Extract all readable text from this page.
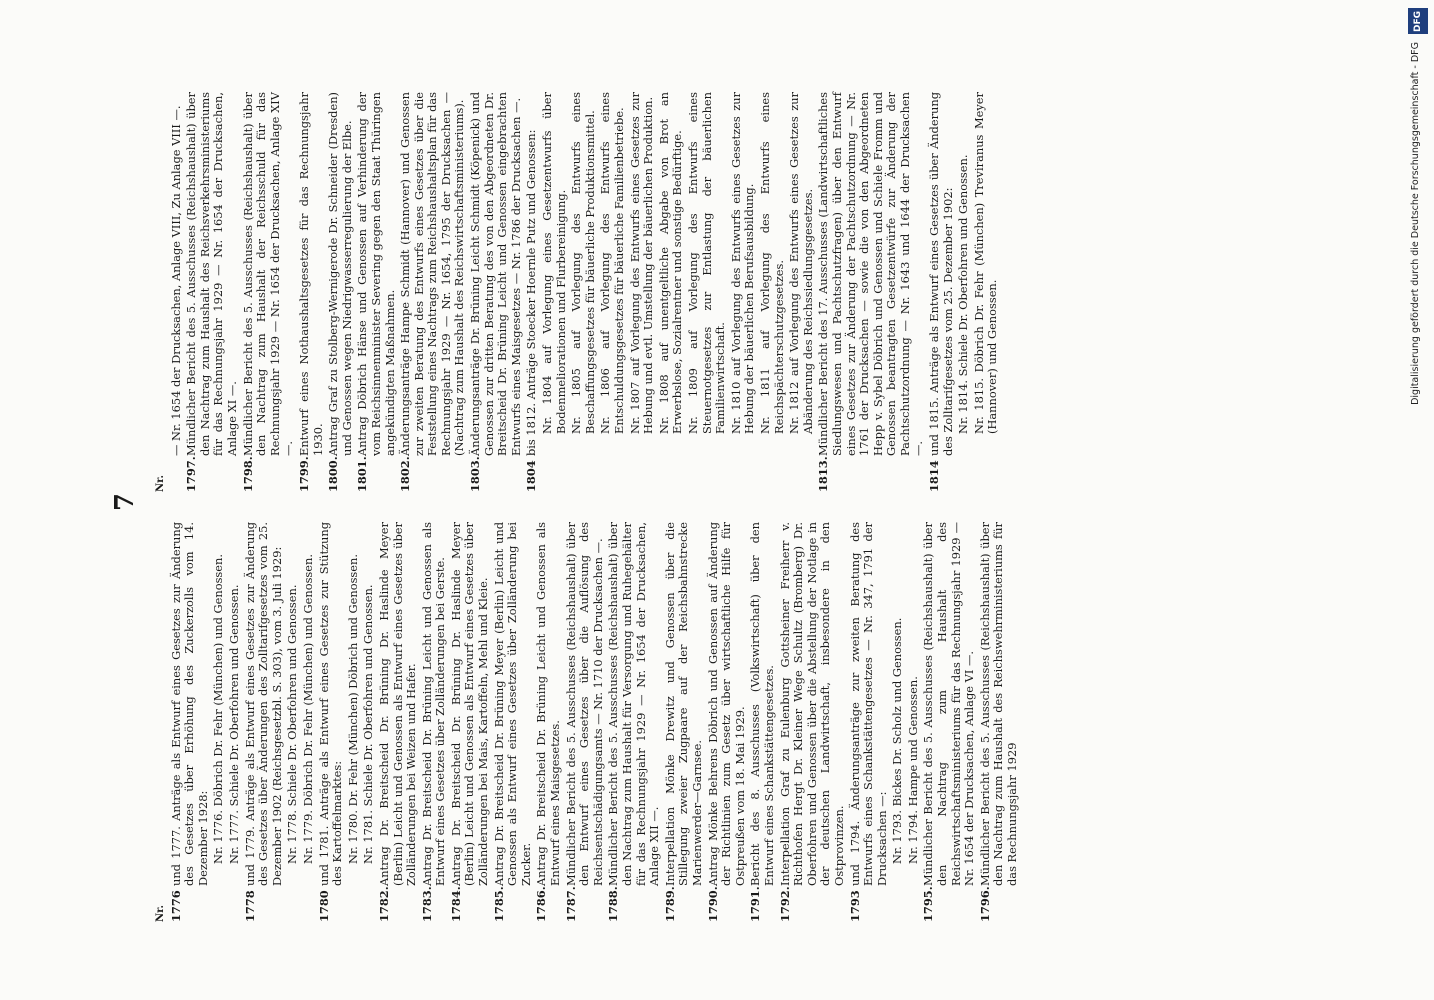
7
Nr. 1776
und 1777. Anträge als Entwurf eines Gesetzes zur Änderung des Gesetzes über Erhöhung des Zuckerzolls vom 14. Dezember 1928: Nr. 1776. Döbrich Dr. Fehr (München) und Genossen. Nr. 1777. Schiele Dr. Oberfohren und Genossen.
1778
und 1779. Anträge als Entwurf eines Gesetzes zur Änderung des Gesetzes über Änderungen des Zolltarifgesetzes vom 25. Dezember 1902 (Reichsgesetzbl. S. 303), vom 3. Juli 1929: Nr. 1778. Schiele Dr. Oberfohren und Genossen. Nr. 1779. Döbrich Dr. Fehr (München) und Genossen.
1780
und 1781. Anträge als Entwurf eines Gesetzes zur Stützung des Kartoffelmarktes: Nr. 1780. Dr. Fehr (München) Döbrich und Genossen. Nr. 1781. Schiele Dr. Oberfohren und Genossen.
1782.
Antrag Dr. Breitscheid Dr. Brüning Dr. Haslinde Meyer (Berlin) Leicht und Genossen als Entwurf eines Gesetzes über Zolländerungen bei Weizen und Hafer.
1783.
Antrag Dr. Breitscheid Dr. Brüning Leicht und Genossen als Entwurf eines Gesetzes über Zolländerungen bei Gerste.
1784.
Antrag Dr. Breitscheid Dr. Brüning Dr. Haslinde Meyer (Berlin) Leicht und Genossen als Entwurf eines Gesetzes über Zolländerungen bei Mais, Kartoffeln, Mehl und Kleie.
1785.
Antrag Dr. Breitscheid Dr. Brüning Meyer (Berlin) Leicht und Genossen als Entwurf eines Gesetzes über Zolländerung bei Zucker.
1786.
Antrag Dr. Breitscheid Dr. Brüning Leicht und Genossen als Entwurf eines Maisgesetzes.
1787.
Mündlicher Bericht des 5. Ausschusses (Reichshaushalt) über den Entwurf eines Gesetzes über die Auflösung des Reichsentschädigungsamts — Nr. 1710 der Drucksachen —.
1788.
Mündlicher Bericht des 5. Ausschusses (Reichshaushalt) über den Nachtrag zum Haushalt für Versorgung und Ruhegehälter für das Rechnungsjahr 1929 — Nr. 1654 der Drucksachen, Anlage XII —.
1789.
Interpellation Mönke Drewitz und Genossen über die Stillegung zweier Zugpaare auf der Reichsbahnstrecke Marienwerder—Garnsee.
1790.
Antrag Mönke Behrens Döbrich und Genossen auf Änderung der Richtlinien zum Gesetz über wirtschaftliche Hilfe für Ostpreußen vom 18. Mai 1929.
1791.
Bericht des 8. Ausschusses (Volkswirtschaft) über den Entwurf eines Schankstättengesetzes.
1792.
Interpellation Graf zu Eulenburg Gottsheiner Freiherr v. Richthofen Hergt Dr. Kleiner Wege Schultz (Bromberg) Dr. Oberfohren und Genossen über die Abstellung der Notlage in der deutschen Landwirtschaft, insbesondere in den Ostprovinzen.
1793
und 1794. Änderungsanträge zur zweiten Beratung des Entwurfs eines Schankstättengesetzes — Nr. 347, 1791 der Drucksachen —: Nr. 1793. Bickes Dr. Scholz und Genossen. Nr. 1794. Hampe und Genossen.
1795.
Mündlicher Bericht des 5. Ausschusses (Reichshaushalt) über den Nachtrag zum Haushalt des Reichswirtschaftsministeriums für das Rechnungsjahr 1929 — Nr. 1654 der Drucksachen, Anlage VI —.
1796.
Mündlicher Bericht des 5. Ausschusses (Reichshaushalt) über den Nachtrag zum Haushalt des Reichswehrministeriums für das Rechnungsjahr 1929
Nr.
— Nr. 1654 der Drucksachen, Anlage VIII, Zu Anlage VIII —.
1797.
Mündlicher Bericht des 5. Ausschusses (Reichshaushalt) über den Nachtrag zum Haushalt des Reichsverkehrsministeriums für das Rechnungsjahr 1929 — Nr. 1654 der Drucksachen, Anlage XI —.
1798.
Mündlicher Bericht des 5. Ausschusses (Reichshaushalt) über den Nachtrag zum Haushalt der Reichsschuld für das Rechnungsjahr 1929 — Nr. 1654 der Drucksachen, Anlage XIV —.
1799.
Entwurf eines Nothaushaltsgesetzes für das Rechnungsjahr 1930.
1800.
Antrag Graf zu Stolberg-Wernigerode Dr. Schneider (Dresden) und Genossen wegen Niedrigwasserregulierung der Elbe.
1801.
Antrag Döbrich Hänse und Genossen auf Verhinderung der vom Reichsinnenminister Severing gegen den Staat Thüringen angekündigten Maßnahmen.
1802.
Änderungsanträge Hampe Schmidt (Hannover) und Genossen zur zweiten Beratung des Entwurfs eines Gesetzes über die Feststellung eines Nachtrags zum Reichshaushaltsplan für das Rechnungsjahr 1929 — Nr. 1654, 1795 der Drucksachen — (Nachtrag zum Haushalt des Reichswirtschaftsministeriums).
1803.
Änderungsanträge Dr. Brüning Leicht Schmidt (Köpenick) und Genossen zur dritten Beratung des von den Abgeordneten Dr. Breitscheid Dr. Brüning Leicht und Genossen eingebrachten Entwurfs eines Maisgesetzes — Nr. 1786 der Drucksachen —.
1804
bis 1812. Anträge Stoecker Hoernle Putz und Genossen: Nr. 1804 auf Vorlegung eines Gesetzentwurfs über Bodenmeliorationen und Flurbereinigung. Nr. 1805 auf Vorlegung des Entwurfs eines Beschaffungsgesetzes für bäuerliche Produktionsmittel. Nr. 1806 auf Vorlegung des Entwurfs eines Entschuldungsgesetzes für bäuerliche Familienbetriebe. Nr. 1807 auf Vorlegung des Entwurfs eines Gesetzes zur Hebung und evtl. Umstellung der bäuerlichen Produktion. Nr. 1808 auf unentgeltliche Abgabe von Brot an Erwerbslose, Sozialrentner und sonstige Bedürftige. Nr. 1809 auf Vorlegung des Entwurfs eines Steuernotgesetzes zur Entlastung der bäuerlichen Familienwirtschaft. Nr. 1810 auf Vorlegung des Entwurfs eines Gesetzes zur Hebung der bäuerlichen Berufsausbildung. Nr. 1811 auf Vorlegung des Entwurfs eines Reichspächterschutzgesetzes. Nr. 1812 auf Vorlegung des Entwurfs eines Gesetzes zur Abänderung des Reichssiedlungsgesetzes.
1813.
Mündlicher Bericht des 17. Ausschusses (Landwirtschaftliches Siedlungswesen und Pachtschutzfragen) über den Entwurf eines Gesetzes zur Änderung der Pachtschutzordnung — Nr. 1761 der Drucksachen — sowie die von den Abgeordneten Hepp v. Sybel Döbrich und Genossen und Schiele Fromm und Genossen beantragten Gesetzentwürfe zur Änderung der Pachtschutzordnung — Nr. 1643 und 1644 der Drucksachen —.
1814
und 1815. Anträge als Entwurf eines Gesetzes über Änderung des Zolltarifgesetzes vom 25. Dezember 1902: Nr. 1814. Schiele Dr. Oberfohren und Genossen. Nr. 1815. Döbrich Dr. Fehr (München) Treviranus Meyer (Hannover) und Genossen.
DFG
Digitalisierung gefördert durch die Deutsche Forschungsgemeinschaft - DFG
